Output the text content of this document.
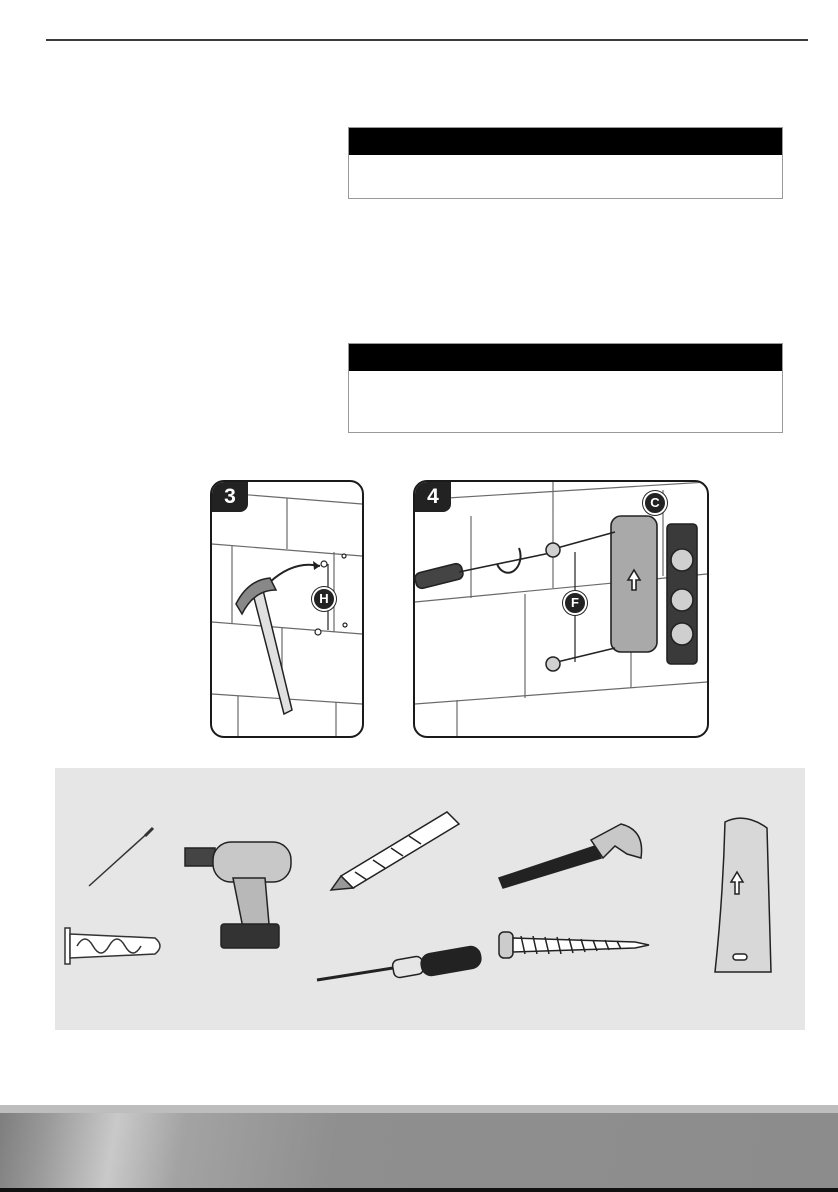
3
H
4	C
F
